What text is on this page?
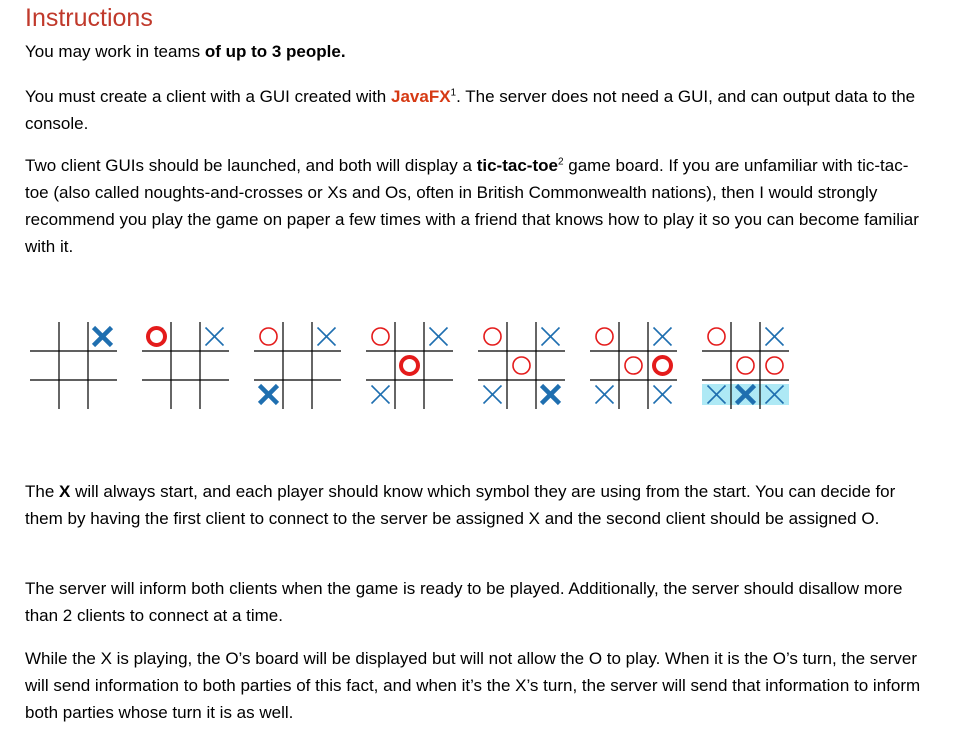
Instructions

You may work in teams of up to 3 people.

You must create a client with a GUI created with JavaFX$^1$. The server does not need a GUI, and can output data to the console.

Two client GUIs should be launched, and both will display a tic-tac-toe$^2$ game board. If you are unfamiliar with tic-tac-toe (also called noughts-and-crosses or Xs and Os, often in British Commonwealth nations), then I would strongly recommend you play the game on paper a few times with a friend that knows how to play it so you can become familiar with it.

The X will always start, and each player should know which symbol they are using from the start. You can decide for them by having the first client to connect to the server be assigned X and the second client should be assigned O.

The server will inform both clients when the game is ready to be played. Additionally, the server should disallow more than 2 clients to connect at a time.

While the X is playing, the O’s board will be displayed but will not allow the O to play. When it is the O’s turn, the server will send information to both parties of this fact, and when it’s the X’s turn, the server will send that information to inform both parties whose turn it is as well.
